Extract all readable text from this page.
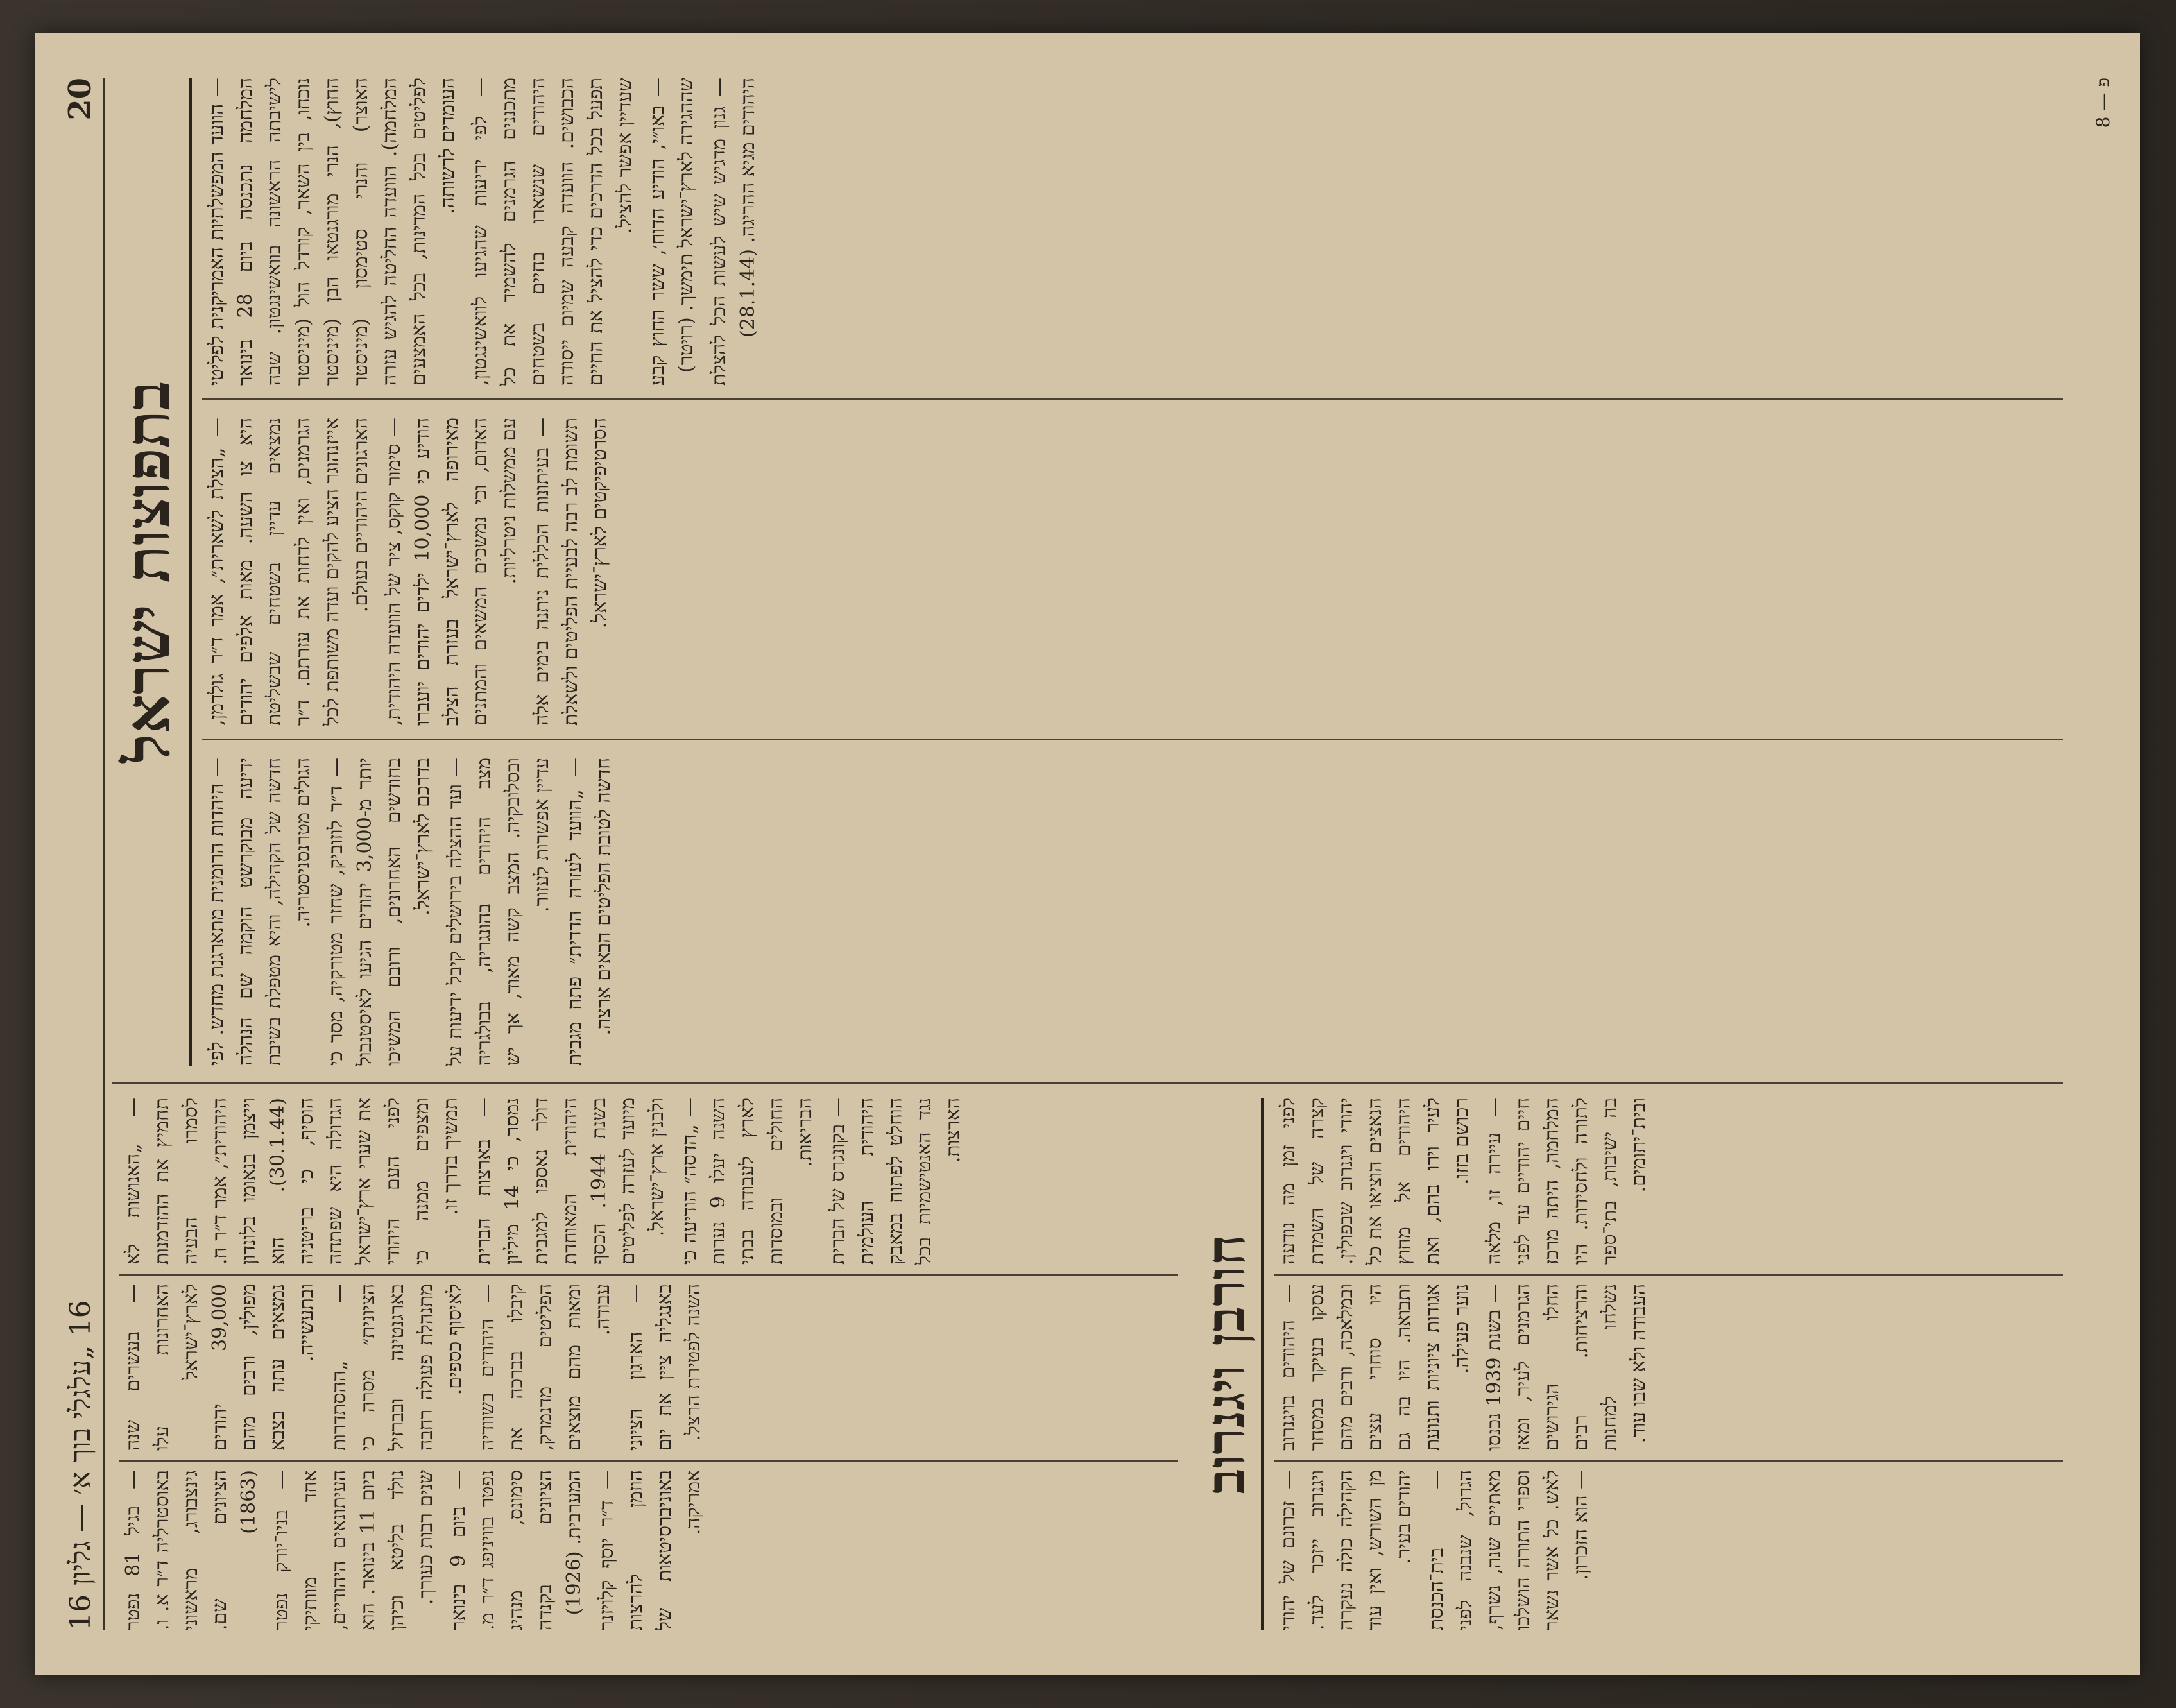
20
16 „עלגלי בוך א׳ — גליון 16
בתפוצות ישראל

— הוועד המפשלתיות האמריקנית לפליטי המלחמה נתכנסה ביום 28 בינואר לישיבתה הראשונה בוואשינגטון. שבה נוכחו, בין השאר, קורדל הול (מיניסטר החוץ), הנרי מורגנטאו הבן (מיניסטר האוצר) והנרי סטימסון (מיניסטר המלחמה). הוועדה החליטה להגיש עזרה לפליטים בכל המדינות, בכל האמצעים העומדים לרשותה. — לפי ידיעות שהגיעו לוואשינגטון, מתכננים הגרמנים להשמיד את כל היהודים שנשארו בחיים בשטחים הכבושים. הוועדה קבעה שמיום ייסודה תפעל בכל הדרכים כדי להציל את החיים שעדיין אפשר להציל. — באו״י, הודיע הדוח׳, ששר החוץ קבע שההגירה לארץ־ישראל תימשך. (רויטר) — גנון מדגיש שיש לעשות הכל להצלת היהודים מגיא ההריגה. (28.1.44)

— „הצלת לשארית״, אמר ד״ר גולדמן, היא צו השעה. מאות אלפים יהודים נמצאים עדיין בשטחים שבשליטת הגרמנים, ואין לדחות את עזרתם. ד״ר אייזנהוגר הציע להקים ועדה משותפת לכל הארגונים היהודיים בעולם. — סימור קוקס, ציר של הוועדה היהודית, הודיע כי 10,000 ילדים יהודים יועברו מאירופה לארץ־ישראל בעזרת הצלב האדום, וכי נמשכים המשאים והמתנים עם ממשלות ניטרליות. — בעיתונות הכללית ניתנה בימים אלה תשומת לב רבה לבעיית הפליטים ולשאלת הסרטיפיקטים לארץ־ישראל.

— היהדות הרומנית מתארגנת מחדש. לפי ידיעה מבוקרשט הוקמה שם הנהלה חדשה של הקהילה, והיא מטפלת בשיבת הגולים מטרנסניסטריה. — ד״ר לוזוביק, שחזר מטורקיה, מסר כי יותר מ-3,000 יהודים הגיעו לאיסטנבול בחודשים האחרונים, ורובם המשיכו בדרכם לארץ־ישראל. — ועד ההצלה בירושלים קיבל ידיעות על מצב היהודים בהונגריה, בבולגריה ובסלובקיה. המצב קשה מאוד, אך יש עדיין אפשרות לעזור. — „הוועד לעזרה הדדית״ פתח מגבית חדשה לטובת הפליטים הבאים ארצה.

— „האנושות לא תחמיץ את ההזדמנות לסמרו הבעיה היהודית״, אמר ד״ר ח. וייצמן בנאומו בלונדון (30.1.44). הוא הוסיף, כי בריטניה הגדולה היא שפתחה את שערי ארץ־ישראל לפני העם היהודי ומצפים ממנה כי תמשיך בדרך זו. — בארצות הברית נמסר, כי 14 מיליון דולר נאספו למגבית היהודית המאוחדת בשנת 1944. הכסף מיועד לעזרה לפליטים ולבנין ארץ־ישראל. — „הדסה״ הודיעה כי השנה יעלו 9 נערות לארץ לעבודה בבתי החולים ובמוסדות הבריאות. — בקונגרס של הברית היהודית העולמית הוחלט לפתוח במאבק נגד האנטישמיות בכל הארצות.

— בעשרים שנה האחרונות עלו לארץ־ישראל 39,000 יהודים מפולין, ורבים מהם נמצאים עתה בצבא ובתעשייה. — „ההסתדרות הציונית״ מסרה כי בארגנטינה ובברזיל מתנהלת פעולה רחבה לאיסוף כספים. — היהודים בשוודיה קיבלו בברכה את הפליטים מדנמרק, ומאות מהם מוצאים עבודה. — הארגון הציוני באנגליה ציין את יום השנה לפטירת הרצל.

— בגיל 81 נפטר באוסטרליה ד״ר א. ו. גינצבורג, מראשוני הציונים שם. (1863) — בניו־יורק נפטר אחד מוותיקי העיתונאים היהודיים, ביום 11 בינואר. הוא נולד בליטא וכיהן שנים רבות כעורך. — ביום 9 בינואר נפטר בוויניפג ד״ר מ. סימונס, מנהיג הציונים בקנדה המערבית. (1926) — ד״ר יוסף קלויזנר הוזמן להרצות באוניברסיטאות של אמריקה.

חורבן ויגנרוב

לפני זמן מה נודעה קצרה של השמדת יהודי ויגנרוב שבפולין. הנאצים הוציאו את כל היהודים אל מחוץ לעיר וירו בהם, ואת רכושם בזזו. — עיירה זו, מלאה חיים יהודיים עד לפני המלחמה, היתה מרכז לתורה ולחסידות. היו בה ישיבות, בתי־ספר ובית־יתומים.

— היהודים בויגנרוב עסקו בעיקר במסחר ובמלאכה, ורבים מהם היו סוחרי עצים ותבואה. היו בה גם אגודות ציוניות ותנועת נוער פעילה.

— בשנת 1939 נכנסו הגרמנים לעיר, ומאז החלו הגירושים והרציחות. רבים נשלחו למחנות העבודה ולא שבו עוד.

— זכרונם של יהודי ויגנרוב ייזכר לעד. הקהילה כולה נעקרה מן השורש, ואין עוד יהודים בעיר. — בית־הכנסת הגדול, שנבנה לפני מאתיים שנה, נשרף, וספרי התורה הושלכו לאש. כל אשר נשאר — הוא הזכרון.

פ — 8
